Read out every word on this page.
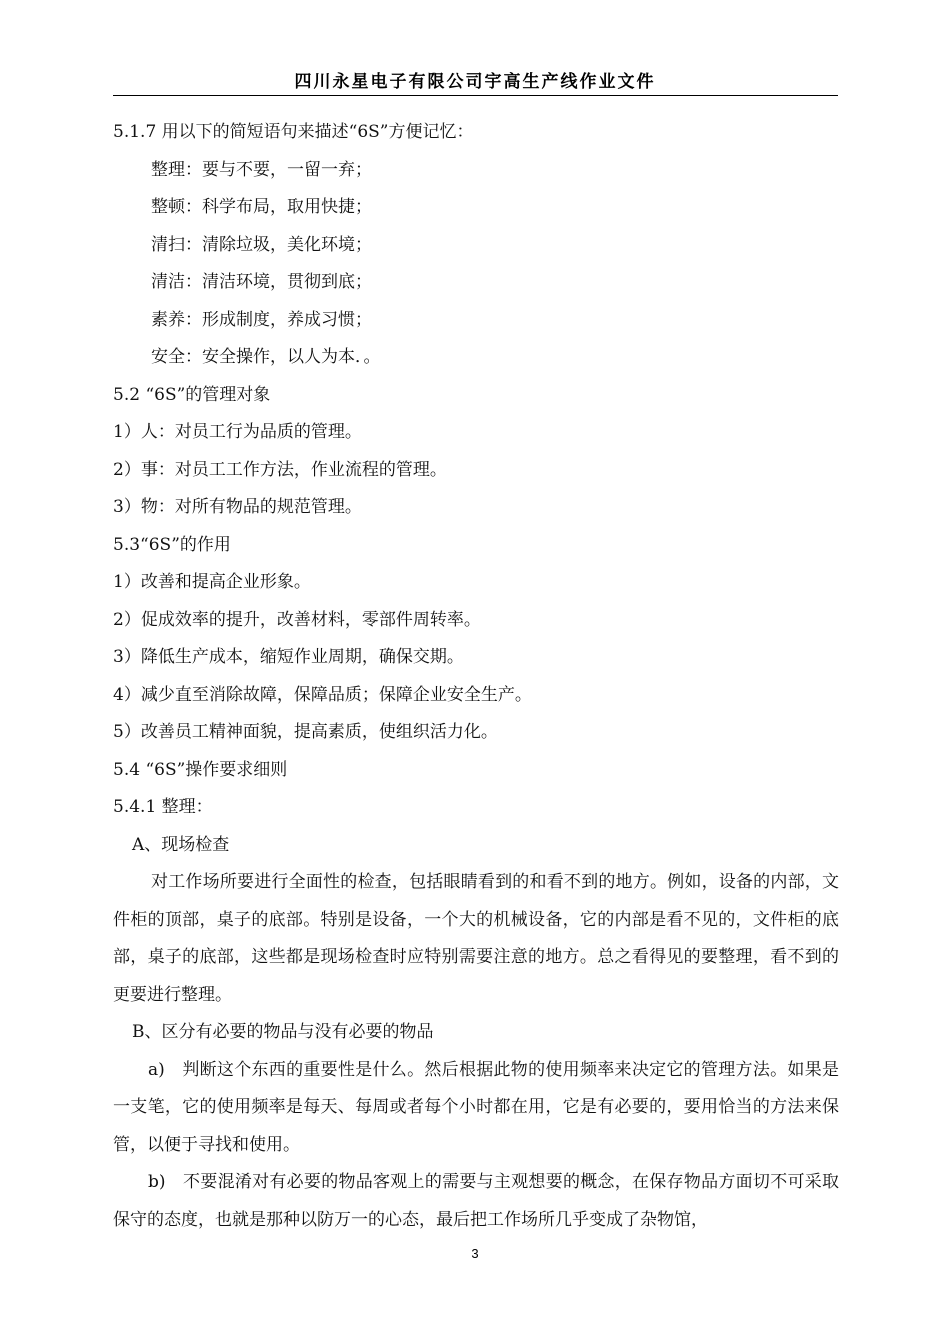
四川永星电子有限公司宇高生产线作业文件
5.1.7 用以下的简短语句来描述“6S”方便记忆：
整理：要与不要，一留一弃；
整顿：科学布局，取用快捷；
清扫：清除垃圾，美化环境；
清洁：清洁环境，贯彻到底；
素养：形成制度，养成习惯；
安全：安全操作，以人为本．。
5.2 “6S”的管理对象
1）人：对员工行为品质的管理。
2）事：对员工工作方法，作业流程的管理。
3）物：对所有物品的规范管理。
5.3“6S”的作用
1）改善和提高企业形象。
2）促成效率的提升，改善材料，零部件周转率。
3）降低生产成本，缩短作业周期，确保交期。
4）减少直至消除故障，保障品质；保障企业安全生产。
5）改善员工精神面貌，提高素质，使组织活力化。
5.4 “6S”操作要求细则
5.4.1 整理：
A、现场检查
对工作场所要进行全面性的检查，包括眼睛看到的和看不到的地方。例如，设备的内部，文件柜的顶部，桌子的底部。特别是设备，一个大的机械设备，它的内部是看不见的，文件柜的底部，桌子的底部，这些都是现场检查时应特别需要注意的地方。总之看得见的要整理，看不到的更要进行整理。
B、区分有必要的物品与没有必要的物品
a)　判断这个东西的重要性是什么。然后根据此物的使用频率来决定它的管理方法。如果是一支笔，它的使用频率是每天、每周或者每个小时都在用，它是有必要的，要用恰当的方法来保管，以便于寻找和使用。
b)　不要混淆对有必要的物品客观上的需要与主观想要的概念，在保存物品方面切不可采取保守的态度，也就是那种以防万一的心态，最后把工作场所几乎变成了杂物馆，
3
